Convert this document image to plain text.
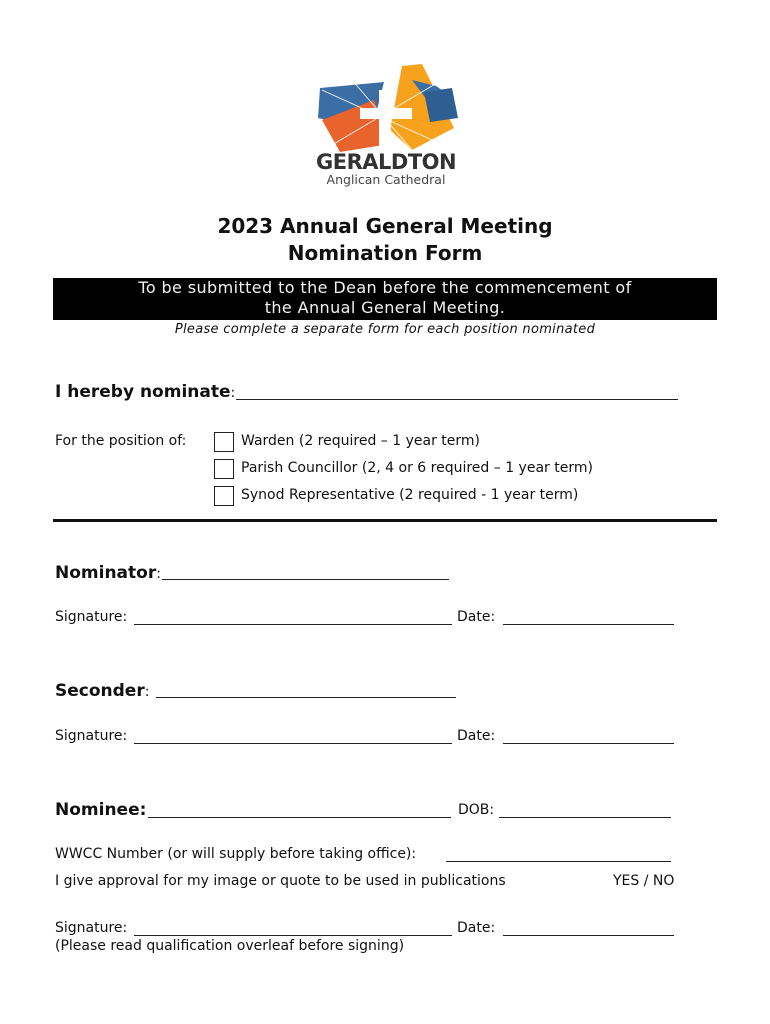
GERALDTON
Anglican Cathedral
2023 Annual General Meeting
Nomination Form
To be submitted to the Dean before the commencement of
the Annual General Meeting.
Please complete a separate form for each position nominated
I hereby nominate:
For the position of:	Warden (2 required – 1 year term)
Parish Councillor (2, 4 or 6 required – 1 year term)
Synod Representative (2 required - 1 year term)
Nominator:
Signature:	Date:
Seconder:
Signature:	Date:
Nominee:	DOB:
WWCC Number (or will supply before taking office):
I give approval for my image or quote to be used in publications	YES / NO
Signature:	Date:
(Please read qualification overleaf before signing)
